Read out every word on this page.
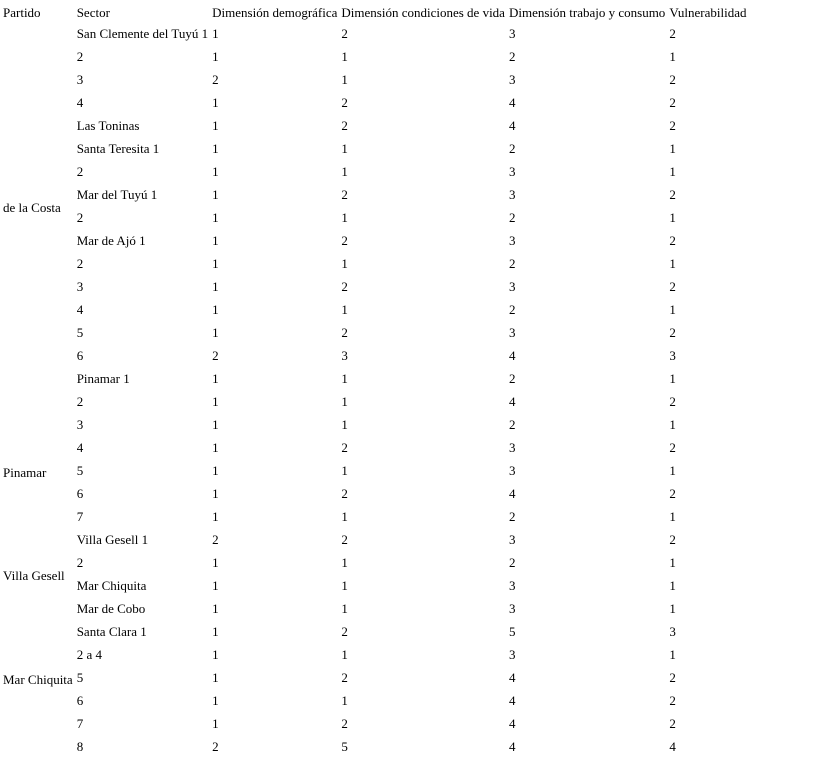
Partido	Sector	Dimensión demográfica	Dimensión condiciones de vida	Dimensión trabajo y consumo	Vulnerabilidad
de la Costa	San Clemente del Tuyú 1	1	2	3	2
	2	1	1	2	1
	3	2	1	3	2
	4	1	2	4	2
	Las Toninas	1	2	4	2
	Santa Teresita 1	1	1	2	1
	2	1	1	3	1
	Mar del Tuyú 1	1	2	3	2
	2	1	1	2	1
	Mar de Ajó 1	1	2	3	2
	2	1	1	2	1
	3	1	2	3	2
	4	1	1	2	1
	5	1	2	3	2
	6	2	3	4	3
	Pinamar 1	1	1	2	1
Pinamar	2	1	1	4	2
	3	1	1	2	1
	4	1	2	3	2
	5	1	1	3	1
	6	1	2	4	2
	7	1	1	2	1
	Villa Gesell 1	2	2	3	2
Villa Gesell	2	1	1	2	1
	Mar Chiquita	1	1	3	1
Mar Chiquita	Mar de Cobo	1	1	3	1
	Santa Clara 1	1	2	5	3
	2 a 4	1	1	3	1
	5	1	2	4	2
	6	1	1	4	2
	7	1	2	4	2
	8	2	5	4	4
